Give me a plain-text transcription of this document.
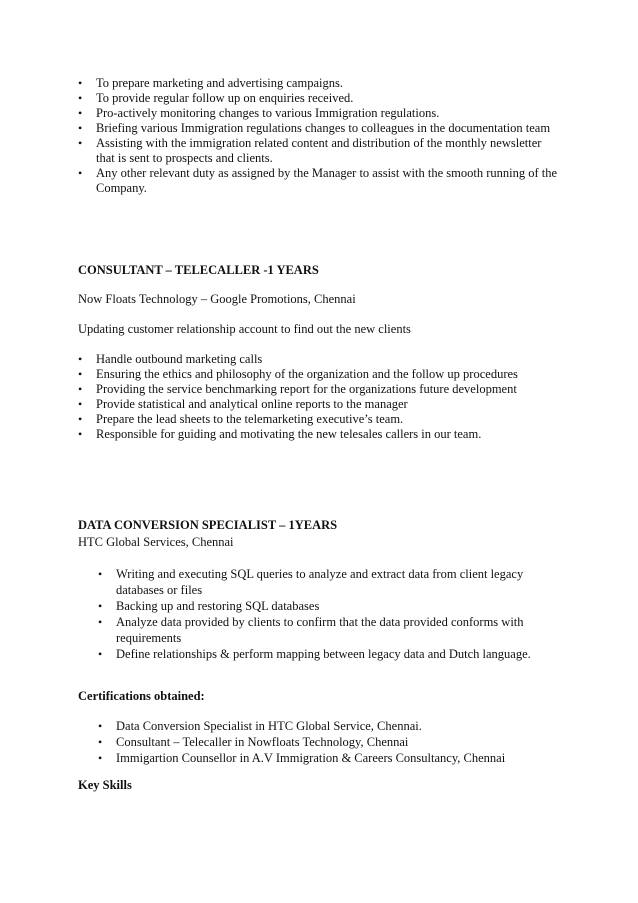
• To prepare marketing and advertising campaigns.
• To provide regular follow up on enquiries received.
• Pro-actively monitoring changes to various Immigration regulations.
• Briefing various Immigration regulations changes to colleagues in the documentation team
• Assisting with the immigration related content and distribution of the monthly newsletter that is sent to prospects and clients.
• Any other relevant duty as assigned by the Manager to assist with the smooth running of the Company.
CONSULTANT – TELECALLER -1 YEARS
Now Floats Technology – Google Promotions, Chennai
Updating customer relationship account to find out the new clients
• Handle outbound marketing calls
• Ensuring the ethics and philosophy of the organization and the follow up procedures
• Providing the service benchmarking report for the organizations future development
• Provide statistical and analytical online reports to the manager
• Prepare the lead sheets to the telemarketing executive’s team.
• Responsible for guiding and motivating the new telesales callers in our team.
DATA CONVERSION SPECIALIST – 1YEARS
HTC Global Services, Chennai
• Writing and executing SQL queries to analyze and extract data from client legacy databases or files
• Backing up and restoring SQL databases
• Analyze data provided by clients to confirm that the data provided conforms with requirements
• Define relationships & perform mapping between legacy data and Dutch language.
Certifications obtained:
• Data Conversion Specialist in HTC Global Service, Chennai.
• Consultant – Telecaller in Nowfloats Technology, Chennai
• Immigartion Counsellor in A.V Immigration & Careers Consultancy, Chennai
Key Skills
